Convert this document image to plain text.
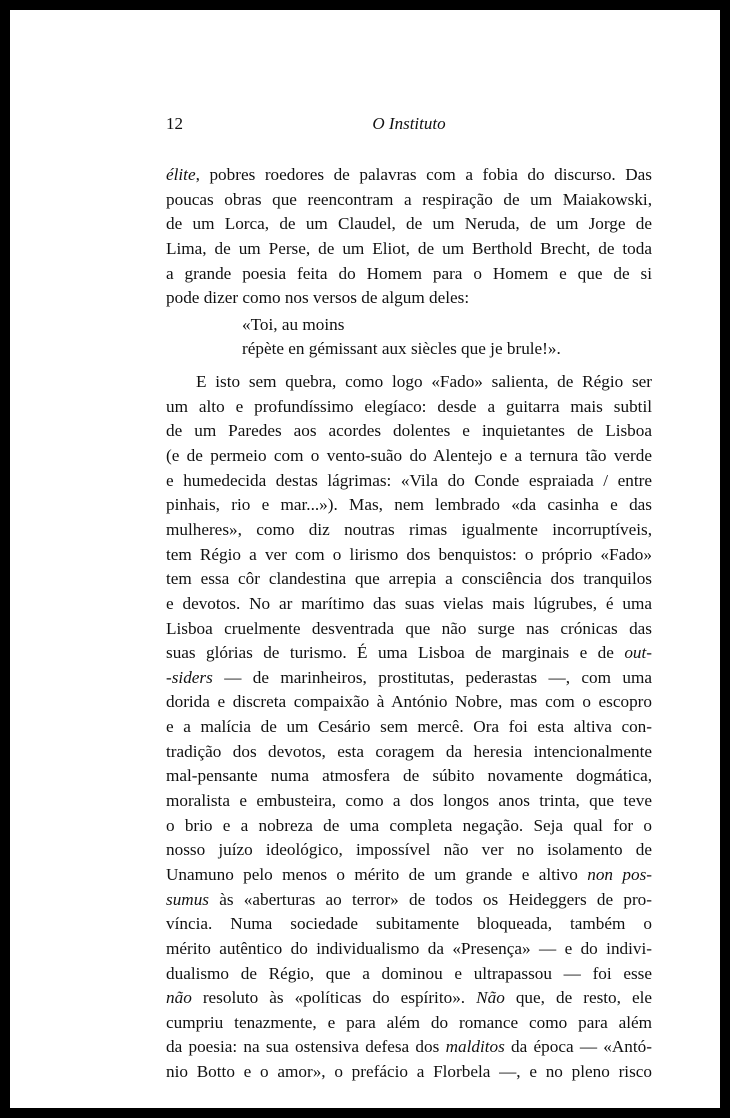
12	O Instituto
élite, pobres roedores de palavras com a fobia do discurso. Das
poucas obras que reencontram a respiração de um Maiakowski,
de um Lorca, de um Claudel, de um Neruda, de um Jorge de
Lima, de um Perse, de um Eliot, de um Berthold Brecht, de toda
a grande poesia feita do Homem para o Homem e que de si
pode dizer como nos versos de algum deles:
«Toi, au moins
répète en gémissant aux siècles que je brule!».
E isto sem quebra, como logo «Fado» salienta, de Régio ser
um alto e profundíssimo elegíaco: desde a guitarra mais subtil
de um Paredes aos acordes dolentes e inquietantes de Lisboa
(e de permeio com o vento-suão do Alentejo e a ternura tão verde
e humedecida destas lágrimas: «Vila do Conde espraiada / entre
pinhais, rio e mar...»). Mas, nem lembrado «da casinha e das
mulheres», como diz noutras rimas igualmente incorruptíveis,
tem Régio a ver com o lirismo dos benquistos: o próprio «Fado»
tem essa côr clandestina que arrepia a consciência dos tranquilos
e devotos. No ar marítimo das suas vielas mais lúgrubes, é uma
Lisboa cruelmente desventrada que não surge nas crónicas das
suas glórias de turismo. É uma Lisboa de marginais e de out-
-siders — de marinheiros, prostitutas, pederastas —, com uma
dorida e discreta compaixão à António Nobre, mas com o escopro
e a malícia de um Cesário sem mercê. Ora foi esta altiva con-
tradição dos devotos, esta coragem da heresia intencionalmente
mal-pensante numa atmosfera de súbito novamente dogmática,
moralista e embusteira, como a dos longos anos trinta, que teve
o brio e a nobreza de uma completa negação. Seja qual for o
nosso juízo ideológico, impossível não ver no isolamento de
Unamuno pelo menos o mérito de um grande e altivo non pos-
sumus às «aberturas ao terror» de todos os Heideggers de pro-
víncia. Numa sociedade subitamente bloqueada, também o
mérito autêntico do individualismo da «Presença» — e do indivi-
dualismo de Régio, que a dominou e ultrapassou — foi esse
não resoluto às «políticas do espírito». Não que, de resto, ele
cumpriu tenazmente, e para além do romance como para além
da poesia: na sua ostensiva defesa dos malditos da época — «Antó-
nio Botto e o amor», o prefácio a Florbela —, e no pleno risco
